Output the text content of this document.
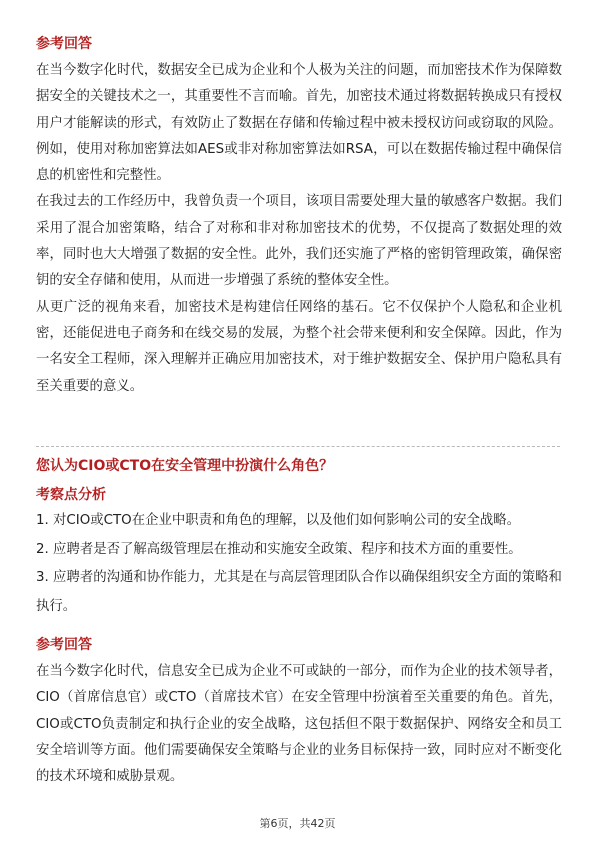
参考回答

在当今数字化时代，数据安全已成为企业和个人极为关注的问题，而加密技术作为保障数据安全的关键技术之一，其重要性不言而喻。首先，加密技术通过将数据转换成只有授权用户才能解读的形式，有效防止了数据在存储和传输过程中被未授权访问或窃取的风险。例如，使用对称加密算法如AES或非对称加密算法如RSA，可以在数据传输过程中确保信息的机密性和完整性。

在我过去的工作经历中，我曾负责一个项目，该项目需要处理大量的敏感客户数据。我们采用了混合加密策略，结合了对称和非对称加密技术的优势，不仅提高了数据处理的效率，同时也大大增强了数据的安全性。此外，我们还实施了严格的密钥管理政策，确保密钥的安全存储和使用，从而进一步增强了系统的整体安全性。

从更广泛的视角来看，加密技术是构建信任网络的基石。它不仅保护个人隐私和企业机密，还能促进电子商务和在线交易的发展，为整个社会带来便利和安全保障。因此，作为一名安全工程师，深入理解并正确应用加密技术，对于维护数据安全、保护用户隐私具有至关重要的意义。

您认为CIO或CTO在安全管理中扮演什么角色？

考察点分析

1. 对CIO或CTO在企业中职责和角色的理解，以及他们如何影响公司的安全战略。

2. 应聘者是否了解高级管理层在推动和实施安全政策、程序和技术方面的重要性。

3. 应聘者的沟通和协作能力，尤其是在与高层管理团队合作以确保组织安全方面的策略和执行。

参考回答

在当今数字化时代，信息安全已成为企业不可或缺的一部分，而作为企业的技术领导者，CIO（首席信息官）或CTO（首席技术官）在安全管理中扮演着至关重要的角色。首先，CIO或CTO负责制定和执行企业的安全战略，这包括但不限于数据保护、网络安全和员工安全培训等方面。他们需要确保安全策略与企业的业务目标保持一致，同时应对不断变化的技术环境和威胁景观。

第6页，共42页
